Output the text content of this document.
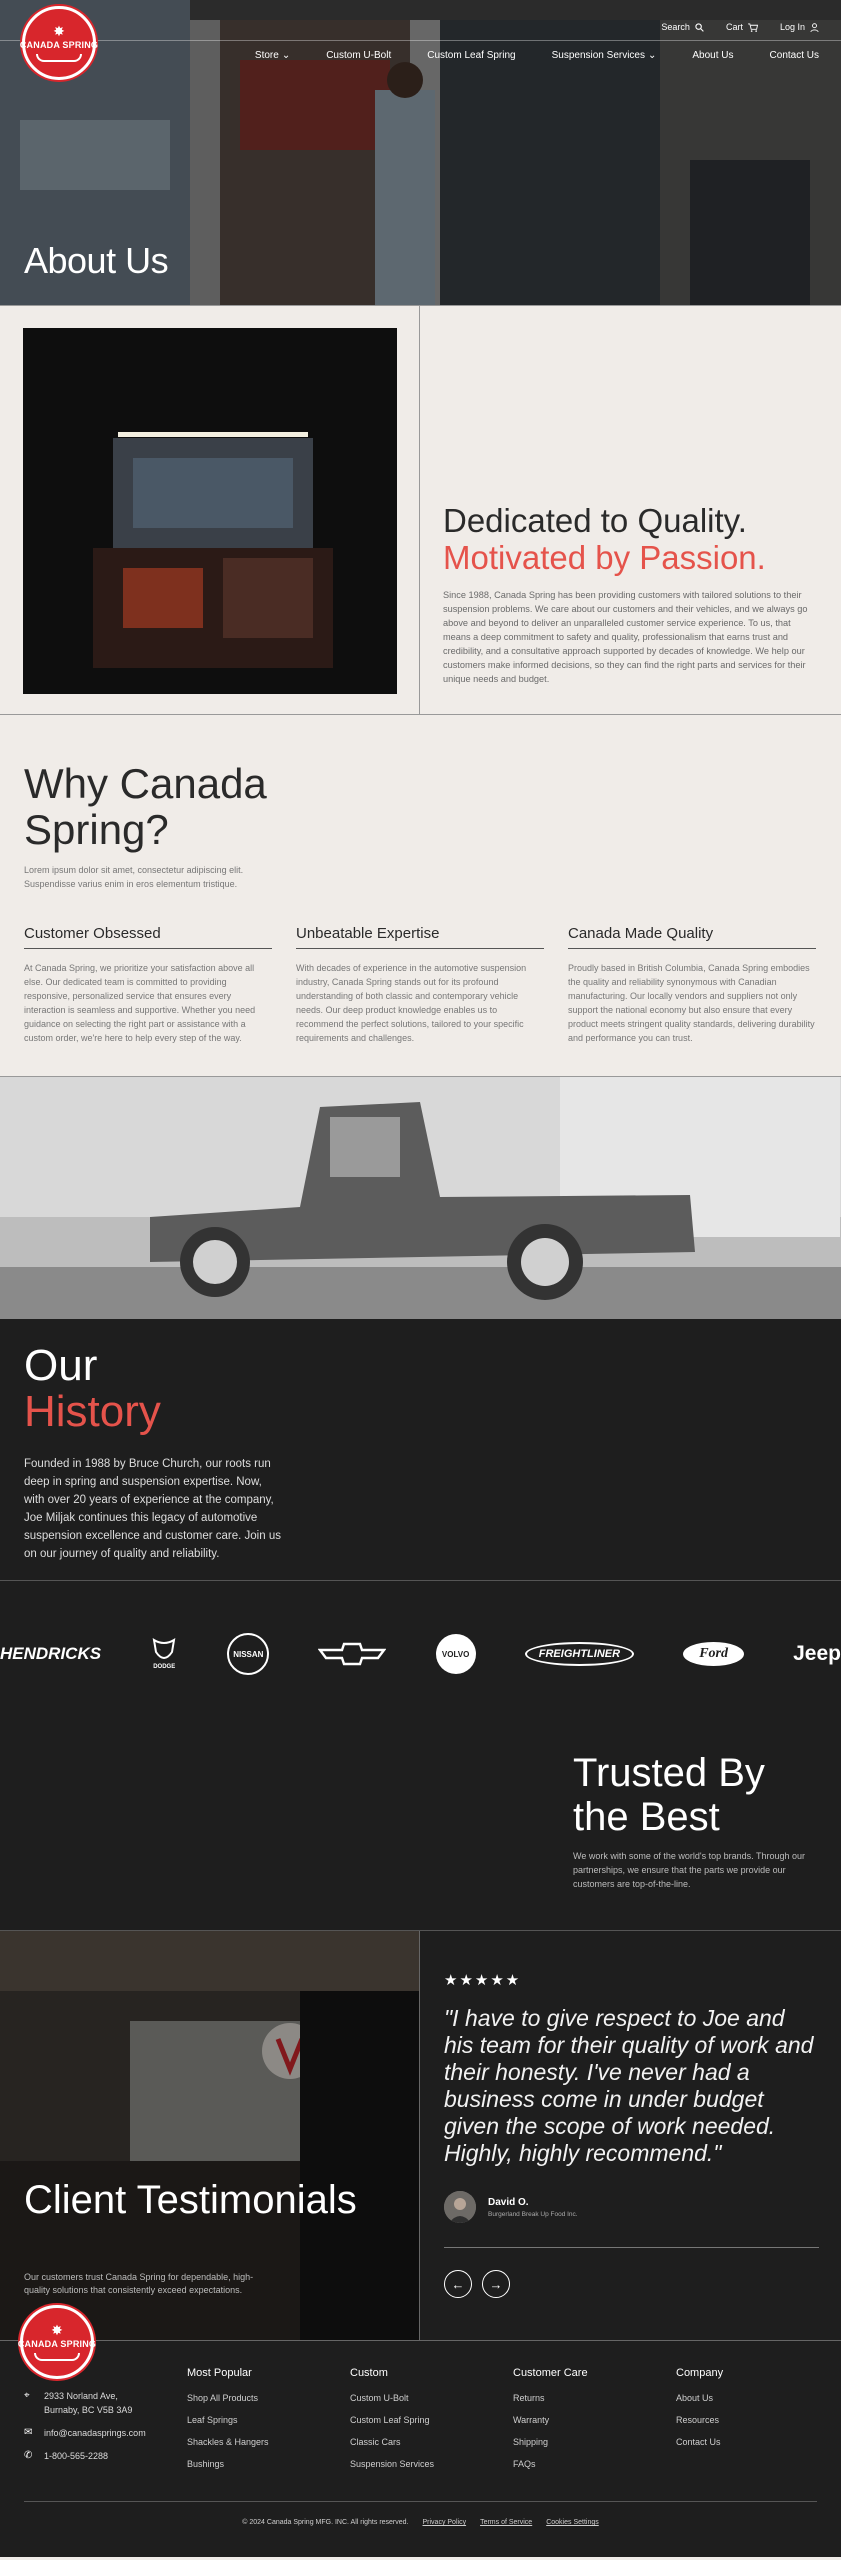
✸
CANADA SPRING
Search	Cart	Log In
Store ⌄	Custom U-Bolt	Custom Leaf Spring	Suspension Services ⌄	About Us	Contact Us
About Us
Dedicated to Quality.
Motivated by Passion.

Since 1988, Canada Spring has been providing customers with tailored solutions to their suspension problems. We care about our customers and their vehicles, and we always go above and beyond to deliver an unparalleled customer service experience. To us, that means a deep commitment to safety and quality, professionalism that earns trust and credibility, and a consultative approach supported by decades of knowledge. We help our customers make informed decisions, so they can find the right parts and services for their unique needs and budget.

Why Canada Spring?

Lorem ipsum dolor sit amet, consectetur adipiscing elit. Suspendisse varius enim in eros elementum tristique.

Customer Obsessed

At Canada Spring, we prioritize your satisfaction above all else. Our dedicated team is committed to providing responsive, personalized service that ensures every interaction is seamless and supportive. Whether you need guidance on selecting the right part or assistance with a custom order, we're here to help every step of the way.

Unbeatable Expertise

With decades of experience in the automotive suspension industry, Canada Spring stands out for its profound understanding of both classic and contemporary vehicle needs. Our deep product knowledge enables us to recommend the perfect solutions, tailored to your specific requirements and challenges.

Canada Made Quality

Proudly based in British Columbia, Canada Spring embodies the quality and reliability synonymous with Canadian manufacturing. Our locally vendors and suppliers not only support the national economy but also ensure that every product meets stringent quality standards, delivering durability and performance you can trust.

Our
History

Founded in 1988 by Bruce Church, our roots run deep in spring and suspension expertise. Now, with over 20 years of experience at the company, Joe Miljak continues this legacy of automotive suspension excellence and customer care. Join us on our journey of quality and reliability.

HENDRICKS
DODGE
NISSAN	VOLVO	FREIGHTLINER	Ford	Jeep
Trusted By the Best

We work with some of the world's top brands. Through our partnerships, we ensure that the parts we provide our customers are top-of-the-line.

Client Testimonials

Our customers trust Canada Spring for dependable, high-quality solutions that consistently exceed expectations.

★★★★★

"I have to give respect to Joe and his team for their quality of work and their honesty. I've never had a business come in under budget given the scope of work needed. Highly, highly recommend."

David O.
Burgerland Break Up Food Inc.
← →
✸
CANADA SPRING
⌖	2933 Norland Ave,
Burnaby, BC V5B 3A9
✉	info@canadasprings.com
✆	1-800-565-2288
Most Popular
Shop All Products
Leaf Springs
Shackles & Hangers
Bushings
Custom
Custom U-Bolt
Custom Leaf Spring
Classic Cars
Suspension Services
Customer Care
Returns
Warranty
Shipping
FAQs
Company
About Us
Resources
Contact Us
© 2024 Canada Spring MFG. INC. All rights reserved. Privacy Policy Terms of Service Cookies Settings
